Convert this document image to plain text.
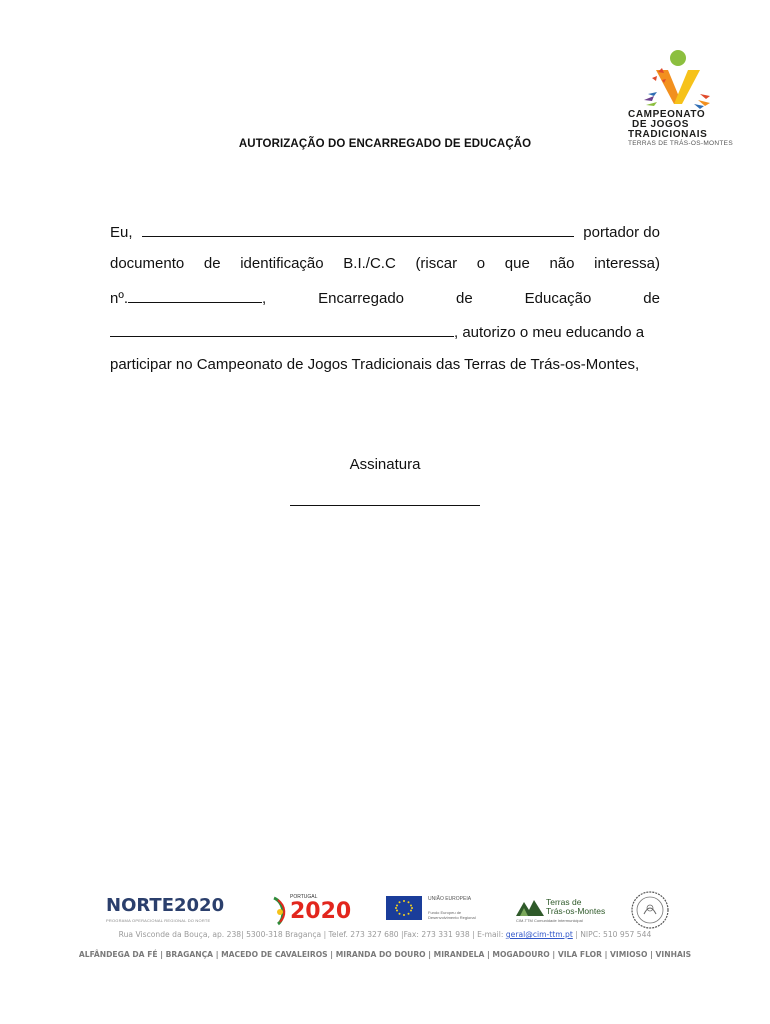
CAMPEONATO
DE JOGOS
TRADICIONAIS
TERRAS DE TRÁS-OS-MONTES
AUTORIZAÇÃO DO ENCARREGADO DE EDUCAÇÃO
Eu,	portador do
documento de identificação B.I./C.C (riscar o que não interessa)
nº.	,	Encarregado	de	Educação	de
, autorizo o meu educando a
participar no Campeonato de Jogos Tradicionais das Terras de Trás-os-Montes,
Assinatura
NORTE2020
PROGRAMA OPERACIONAL REGIONAL DO NORTE
PORTUGAL
2020	UNIÃO EUROPEIA
Fundo Europeu de Desenvolvimento Regional
Terras de
Trás-os-Montes
CIM-TTM Comunidade Intermunicipal
Rua Visconde da Bouça, ap. 238| 5300-318 Bragança | Telef. 273 327 680 |Fax: 273 331 938 | E-mail: geral@cim-ttm.pt | NIPC: 510 957 544
ALFÂNDEGA DA FÉ | BRAGANÇA | MACEDO DE CAVALEIROS | MIRANDA DO DOURO | MIRANDELA | MOGADOURO | VILA FLOR | VIMIOSO | VINHAIS
